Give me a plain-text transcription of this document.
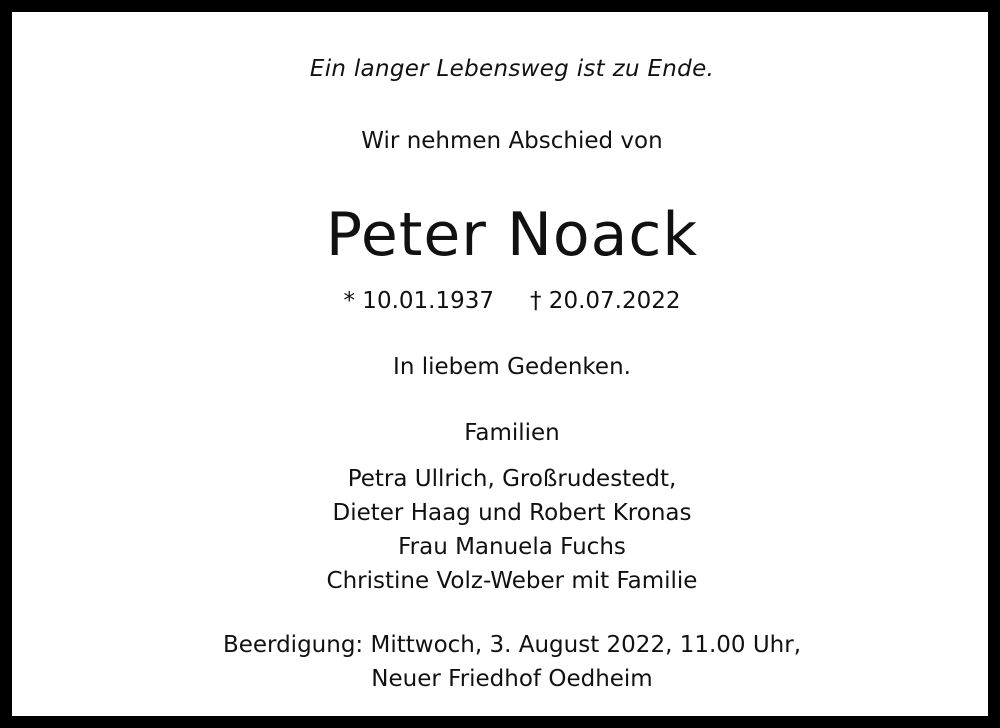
Ein langer Lebensweg ist zu Ende.
Wir nehmen Abschied von
Peter Noack
* 10.01.1937 † 20.07.2022
In liebem Gedenken.
Familien
Petra Ullrich, Großrudestedt,
Dieter Haag und Robert Kronas
Frau Manuela Fuchs
Christine Volz-Weber mit Familie
Beerdigung: Mittwoch, 3. August 2022, 11.00 Uhr,
Neuer Friedhof Oedheim
